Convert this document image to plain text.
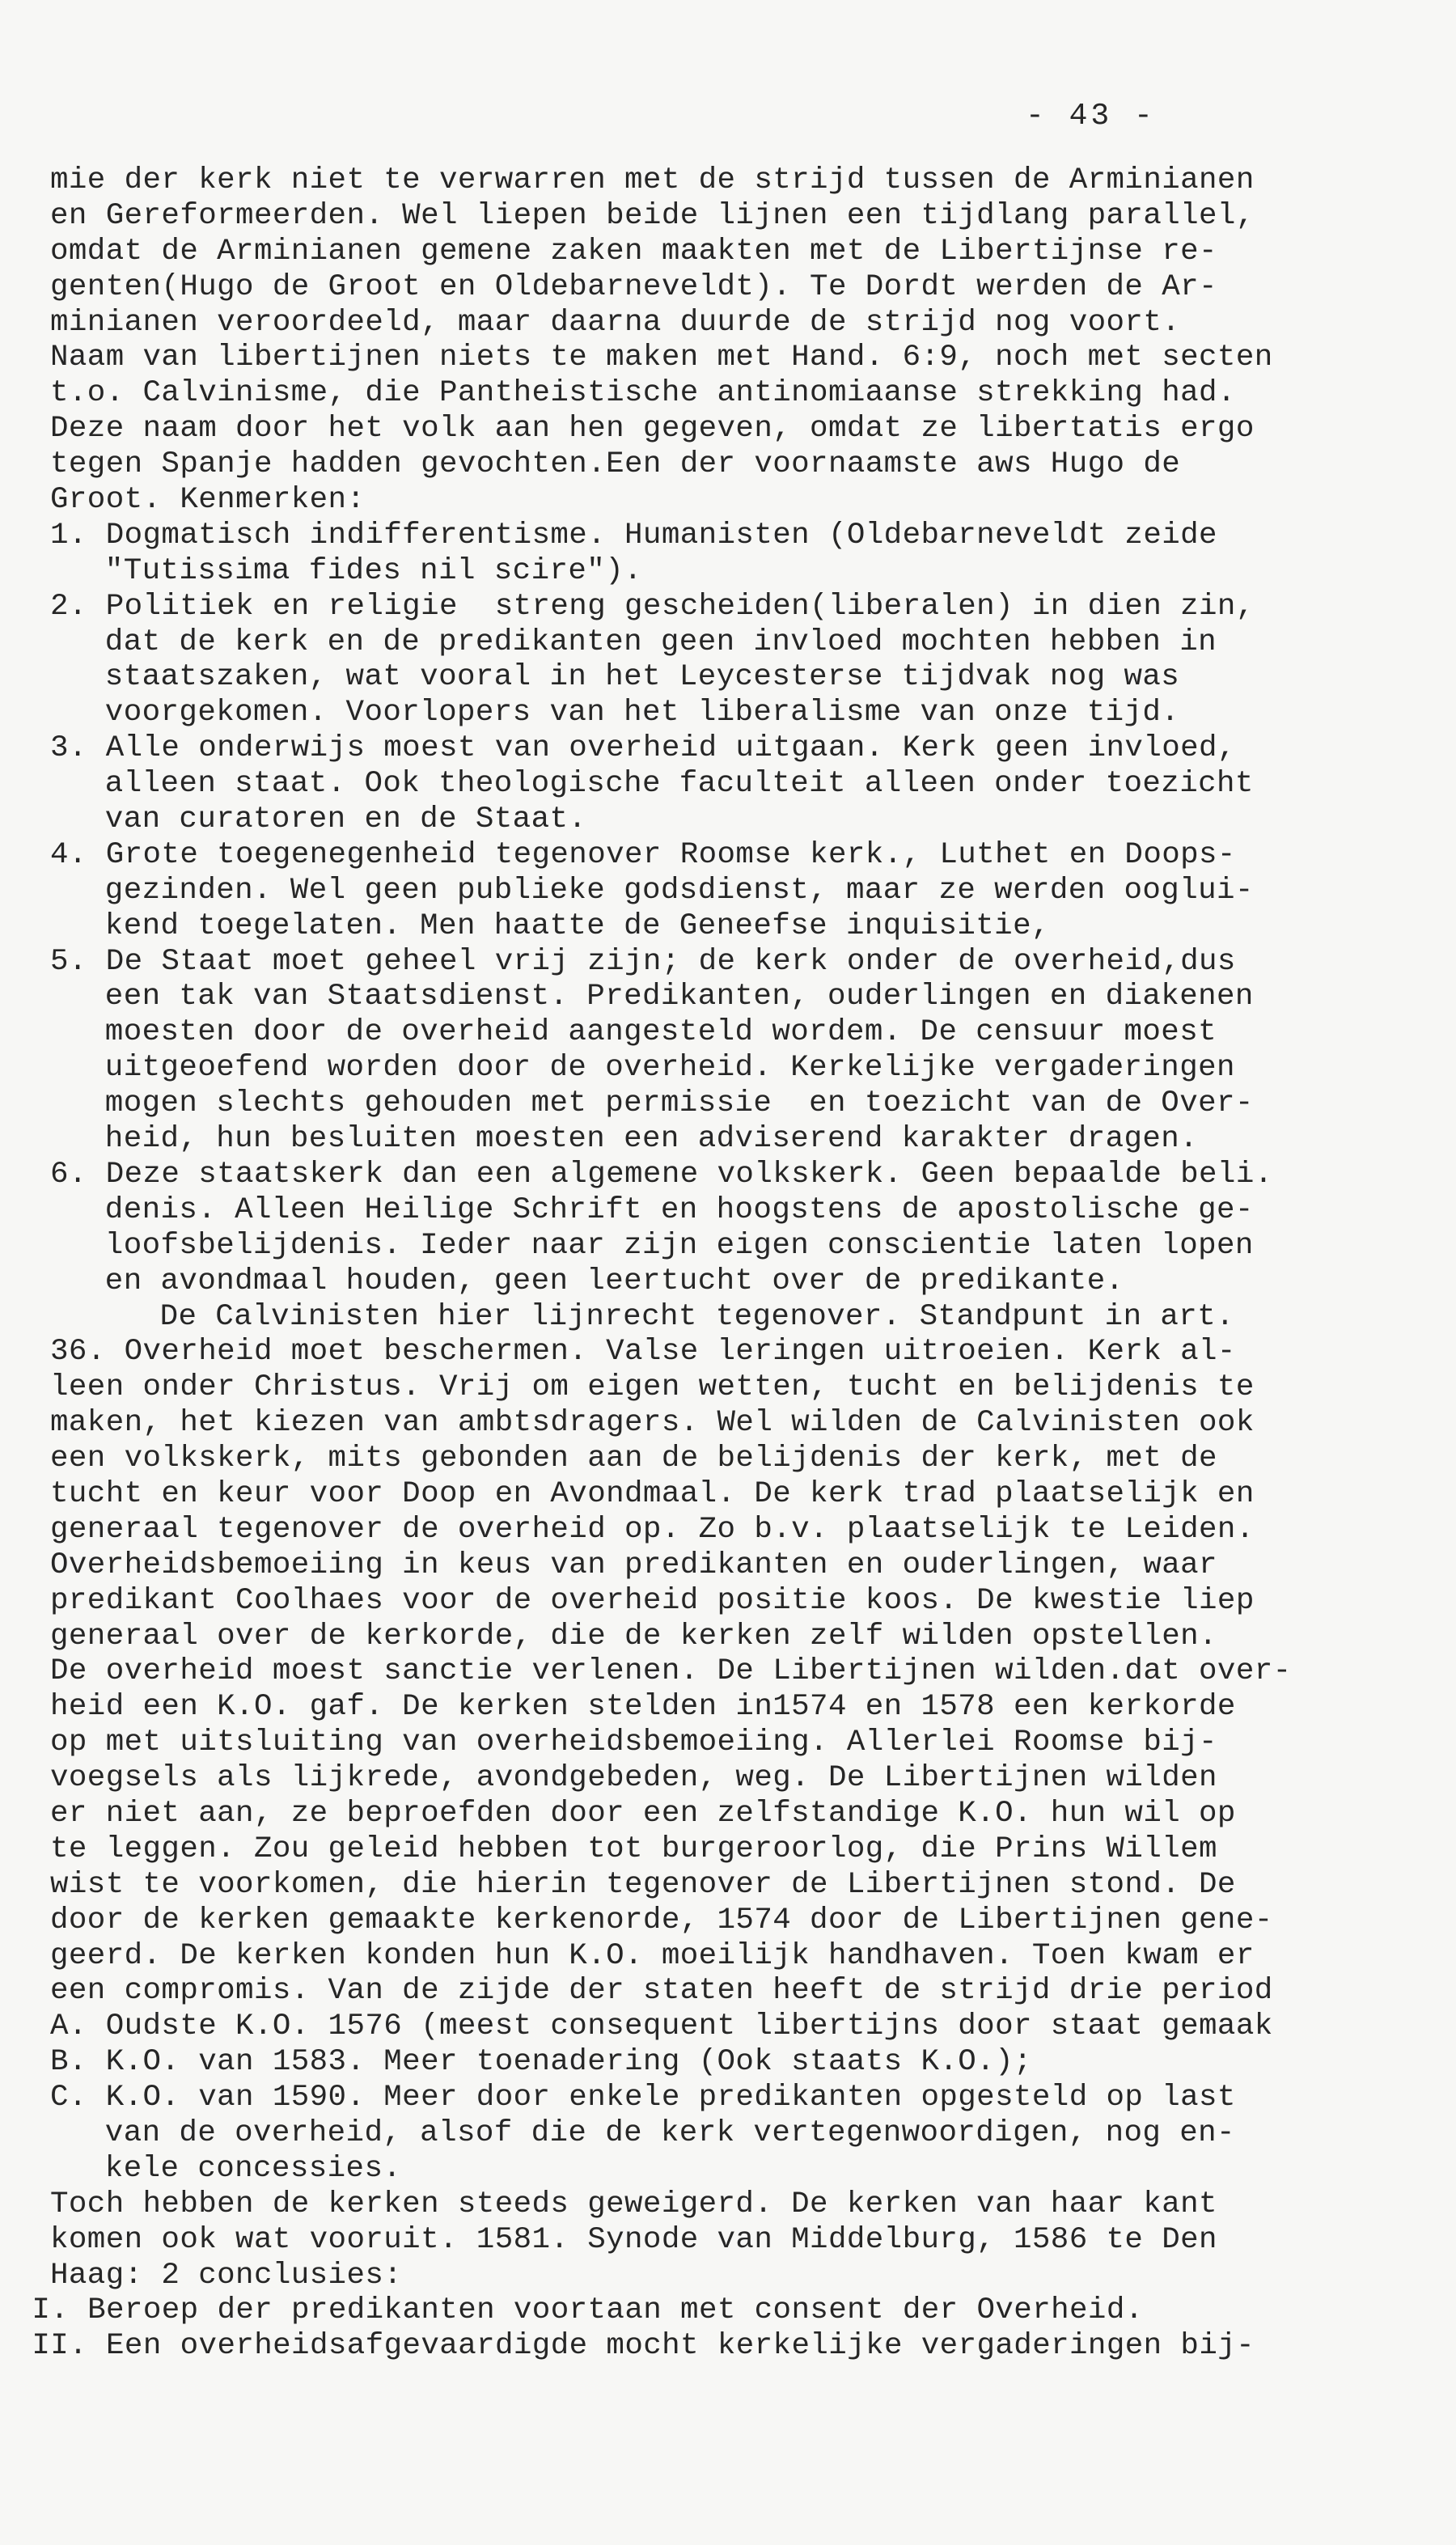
- 43 -
mie der kerk niet te verwarren met de strijd tussen de Arminianen
en Gereformeerden. Wel liepen beide lijnen een tijdlang parallel,
omdat de Arminianen gemene zaken maakten met de Libertijnse re-
genten(Hugo de Groot en Oldebarneveldt). Te Dordt werden de Ar-
minianen veroordeeld, maar daarna duurde de strijd nog voort.
Naam van libertijnen niets te maken met Hand. 6:9, noch met secten
t.o. Calvinisme, die Pantheistische antinomiaanse strekking had.
Deze naam door het volk aan hen gegeven, omdat ze libertatis ergo
tegen Spanje hadden gevochten.Een der voornaamste aws Hugo de
Groot. Kenmerken:
1. Dogmatisch indifferentisme. Humanisten (Oldebarneveldt zeide
"Tutissima fides nil scire").
2. Politiek en religie  streng gescheiden(liberalen) in dien zin,
dat de kerk en de predikanten geen invloed mochten hebben in
staatszaken, wat vooral in het Leycesterse tijdvak nog was
voorgekomen. Voorlopers van het liberalisme van onze tijd.
3. Alle onderwijs moest van overheid uitgaan. Kerk geen invloed,
alleen staat. Ook theologische faculteit alleen onder toezicht
van curatoren en de Staat.
4. Grote toegenegenheid tegenover Roomse kerk., Luthet en Doops-
gezinden. Wel geen publieke godsdienst, maar ze werden ooglui-
kend toegelaten. Men haatte de Geneefse inquisitie,
5. De Staat moet geheel vrij zijn; de kerk onder de overheid,dus
een tak van Staatsdienst. Predikanten, ouderlingen en diakenen
moesten door de overheid aangesteld wordem. De censuur moest
uitgeoefend worden door de overheid. Kerkelijke vergaderingen
mogen slechts gehouden met permissie  en toezicht van de Over-
heid, hun besluiten moesten een adviserend karakter dragen.
6. Deze staatskerk dan een algemene volkskerk. Geen bepaalde beli.
denis. Alleen Heilige Schrift en hoogstens de apostolische ge-
loofsbelijdenis. Ieder naar zijn eigen conscientie laten lopen
en avondmaal houden, geen leertucht over de predikante.
De Calvinisten hier lijnrecht tegenover. Standpunt in art.
36. Overheid moet beschermen. Valse leringen uitroeien. Kerk al-
leen onder Christus. Vrij om eigen wetten, tucht en belijdenis te
maken, het kiezen van ambtsdragers. Wel wilden de Calvinisten ook
een volkskerk, mits gebonden aan de belijdenis der kerk, met de
tucht en keur voor Doop en Avondmaal. De kerk trad plaatselijk en
generaal tegenover de overheid op. Zo b.v. plaatselijk te Leiden.
Overheidsbemoeiing in keus van predikanten en ouderlingen, waar
predikant Coolhaes voor de overheid positie koos. De kwestie liep
generaal over de kerkorde, die de kerken zelf wilden opstellen.
De overheid moest sanctie verlenen. De Libertijnen wilden.dat over-
heid een K.O. gaf. De kerken stelden in1574 en 1578 een kerkorde
op met uitsluiting van overheidsbemoeiing. Allerlei Roomse bij-
voegsels als lijkrede, avondgebeden, weg. De Libertijnen wilden
er niet aan, ze beproefden door een zelfstandige K.O. hun wil op
te leggen. Zou geleid hebben tot burgeroorlog, die Prins Willem
wist te voorkomen, die hierin tegenover de Libertijnen stond. De
door de kerken gemaakte kerkenorde, 1574 door de Libertijnen gene-
geerd. De kerken konden hun K.O. moeilijk handhaven. Toen kwam er
een compromis. Van de zijde der staten heeft de strijd drie period
A. Oudste K.O. 1576 (meest consequent libertijns door staat gemaak
B. K.O. van 1583. Meer toenadering (Ook staats K.O.);
C. K.O. van 1590. Meer door enkele predikanten opgesteld op last
van de overheid, alsof die de kerk vertegenwoordigen, nog en-
kele concessies.
Toch hebben de kerken steeds geweigerd. De kerken van haar kant
komen ook wat vooruit. 1581. Synode van Middelburg, 1586 te Den
Haag: 2 conclusies:
I. Beroep der predikanten voortaan met consent der Overheid.
II. Een overheidsafgevaardigde mocht kerkelijke vergaderingen bij-
